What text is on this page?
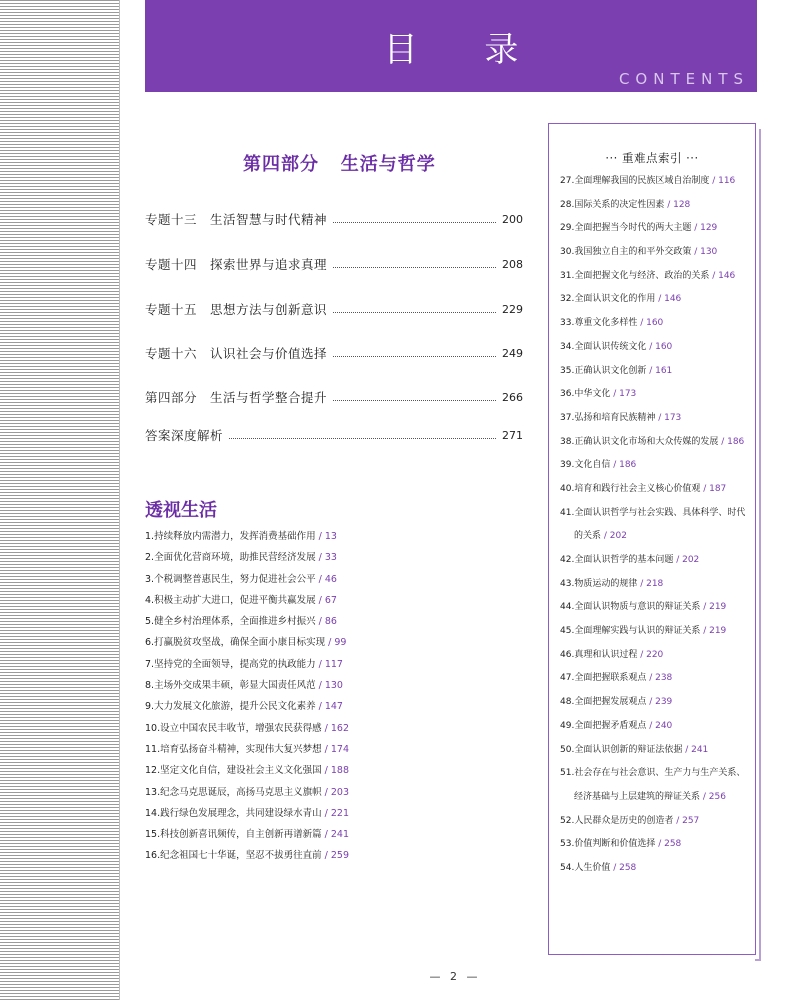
目 录
CONTENTS
第四部分   生活与哲学
专题十三　生活智慧与时代精神	200
专题十四　探索世界与追求真理	208
专题十五　思想方法与创新意识	229
专题十六　认识社会与价值选择	249
第四部分　生活与哲学整合提升	266
答案深度解析	271
透视生活
1.持续释放内需潜力，发挥消费基础作用 / 13
2.全面优化营商环境，助推民营经济发展 / 33
3.个税调整普惠民生，努力促进社会公平 / 46
4.积极主动扩大进口，促进平衡共赢发展 / 67
5.健全乡村治理体系，全面推进乡村振兴 / 86
6.打赢脱贫攻坚战，确保全面小康目标实现 / 99
7.坚持党的全面领导，提高党的执政能力 / 117
8.主场外交成果丰硕，彰显大国责任风范 / 130
9.大力发展文化旅游，提升公民文化素养 / 147
10.设立中国农民丰收节，增强农民获得感 / 162
11.培育弘扬奋斗精神，实现伟大复兴梦想 / 174
12.坚定文化自信，建设社会主义文化强国 / 188
13.纪念马克思诞辰，高扬马克思主义旗帜 / 203
14.践行绿色发展理念，共同建设绿水青山 / 221
15.科技创新喜讯频传，自主创新再谱新篇 / 241
16.纪念祖国七十华诞，坚忍不拔勇往直前 / 259
··· 重难点索引 ···
27.全面理解我国的民族区域自治制度 / 116
28.国际关系的决定性因素 / 128
29.全面把握当今时代的两大主题 / 129
30.我国独立自主的和平外交政策 / 130
31.全面把握文化与经济、政治的关系 / 146
32.全面认识文化的作用 / 146
33.尊重文化多样性 / 160
34.全面认识传统文化 / 160
35.正确认识文化创新 / 161
36.中华文化 / 173
37.弘扬和培育民族精神 / 173
38.正确认识文化市场和大众传媒的发展 / 186
39.文化自信 / 186
40.培育和践行社会主义核心价值观 / 187
41.全面认识哲学与社会实践、具体科学、时代
的关系 / 202
42.全面认识哲学的基本问题 / 202
43.物质运动的规律 / 218
44.全面认识物质与意识的辩证关系 / 219
45.全面理解实践与认识的辩证关系 / 219
46.真理和认识过程 / 220
47.全面把握联系观点 / 238
48.全面把握发展观点 / 239
49.全面把握矛盾观点 / 240
50.全面认识创新的辩证法依据 / 241
51.社会存在与社会意识、生产力与生产关系、
经济基础与上层建筑的辩证关系 / 256
52.人民群众是历史的创造者 / 257
53.价值判断和价值选择 / 258
54.人生价值 / 258
— 2 —
